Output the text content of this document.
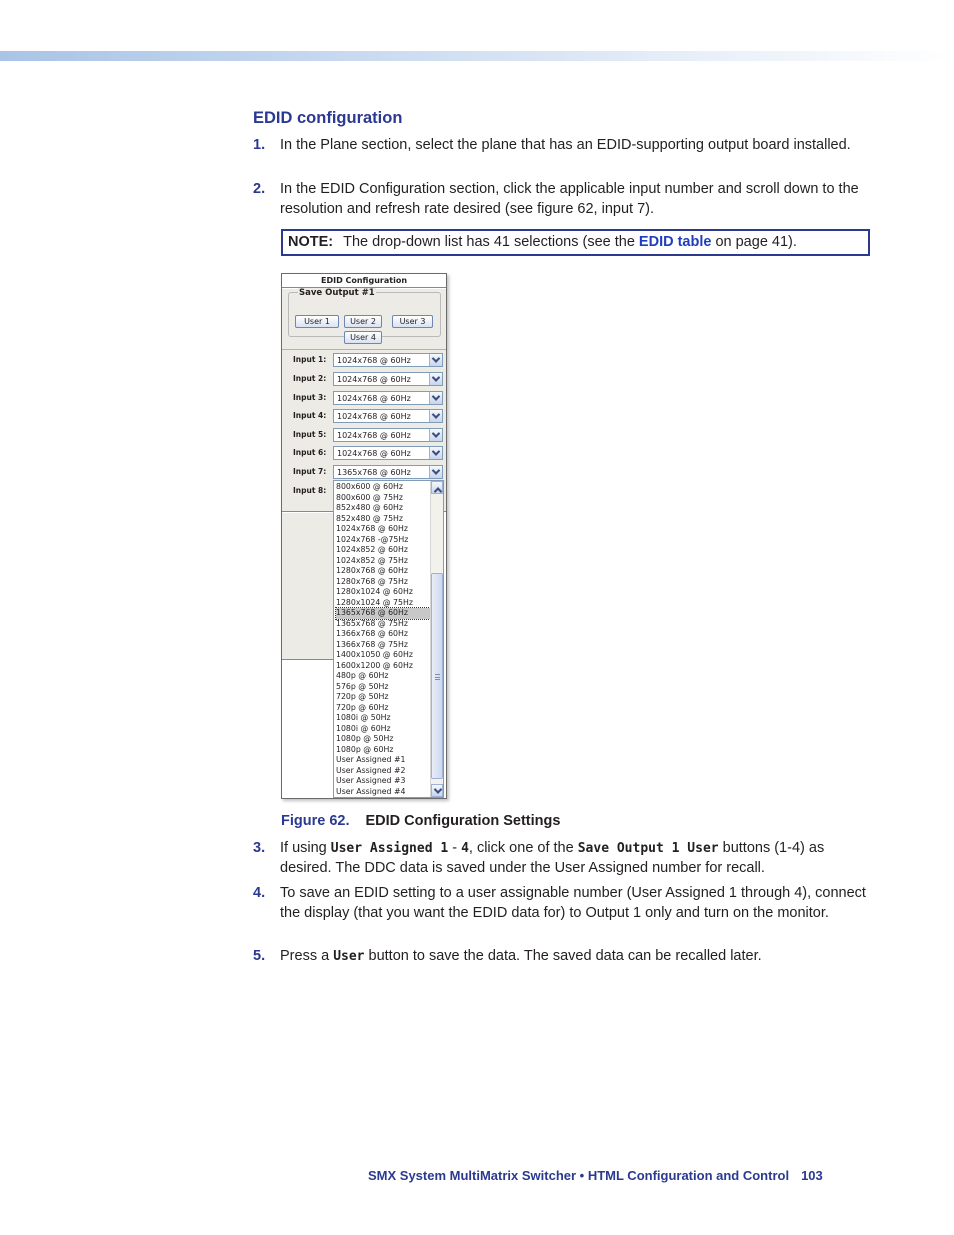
EDID configuration
1. In the Plane section, select the plane that has an EDID-supporting output board installed.
2. In the EDID Configuration section, click the applicable input number and scroll down to the resolution and refresh rate desired (see figure 62, input 7).
NOTE: The drop-down list has 41 selections (see the EDID table on page 41).
EDID Configuration
Save Output #1
User 1	User 2	User 3
User 4
Input 1: 1024x768 @ 60Hz
Input 2: 1024x768 @ 60Hz
Input 3: 1024x768 @ 60Hz
Input 4: 1024x768 @ 60Hz
Input 5: 1024x768 @ 60Hz
Input 6: 1024x768 @ 60Hz
Input 7: 1365x768 @ 60Hz
Input 8: 800x600 @ 60Hz
800x600 @ 75Hz
852x480 @ 60Hz
852x480 @ 75Hz
1024x768 @ 60Hz
1024x768 -@75Hz
1024x852 @ 60Hz
1024x852 @ 75Hz
1280x768 @ 60Hz
1280x768 @ 75Hz
1280x1024 @ 60Hz
1280x1024 @ 75Hz
1365x768 @ 60Hz
1365x768 @ 75Hz
1366x768 @ 60Hz
1366x768 @ 75Hz
1400x1050 @ 60Hz
1600x1200 @ 60Hz
480p @ 60Hz
576p @ 50Hz
720p @ 50Hz
720p @ 60Hz
1080i @ 50Hz
1080i @ 60Hz
1080p @ 50Hz
1080p @ 60Hz
User Assigned #1
User Assigned #2
User Assigned #3
User Assigned #4
Figure 62. EDID Configuration Settings
3. If using User Assigned 1 - 4, click one of the Save Output 1 User buttons (1-4) as desired. The DDC data is saved under the User Assigned number for recall.
4. To save an EDID setting to a user assignable number (User Assigned 1 through 4), connect the display (that you want the EDID data for) to Output 1 only and turn on the monitor.
5. Press a User button to save the data. The saved data can be recalled later.
SMX System MultiMatrix Switcher • HTML Configuration and Control 103
